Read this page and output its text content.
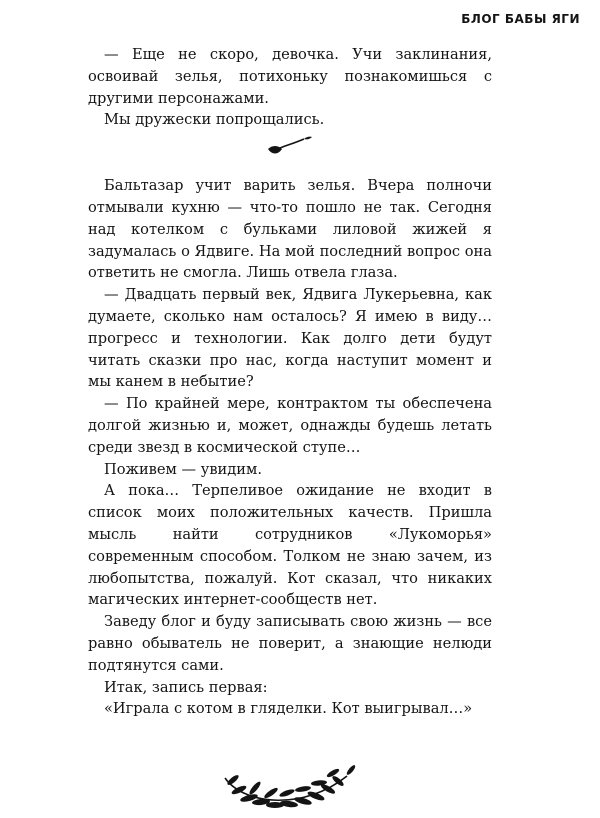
БЛОГ БАБЫ ЯГИ

— Еще не скоро, девочка. Учи заклинания, освоивай зелья, потихоньку познакомишься с другими персонажами.

Мы дружески попрощались.

Бальтазар учит варить зелья. Вчера полночи отмывали кухню — что-то пошло не так. Сегодня над котелком с бульками лиловой жижей я задумалась о Ядвиге. На мой последний вопрос она ответить не смогла. Лишь отвела глаза.

— Двадцать первый век, Ядвига Лукерьевна, как думаете, сколько нам осталось? Я имею в виду… прогресс и технологии. Как долго дети будут читать сказки про нас, когда наступит момент и мы канем в небытие?

— По крайней мере, контрактом ты обеспечена долгой жизнью и, может, однажды будешь летать среди звезд в космической ступе…

Поживем — увидим.

А пока… Терпеливое ожидание не входит в список моих положительных качеств. Пришла мысль найти сотрудников «Лукоморья» современным способом. Толком не знаю зачем, из любопытства, пожалуй. Кот сказал, что никаких магических интернет-сообществ нет.

Заведу блог и буду записывать свою жизнь — все равно обыватель не поверит, а знающие нелюди подтянутся сами.

Итак, запись первая:

«Играла с котом в гляделки. Кот выигрывал…»
